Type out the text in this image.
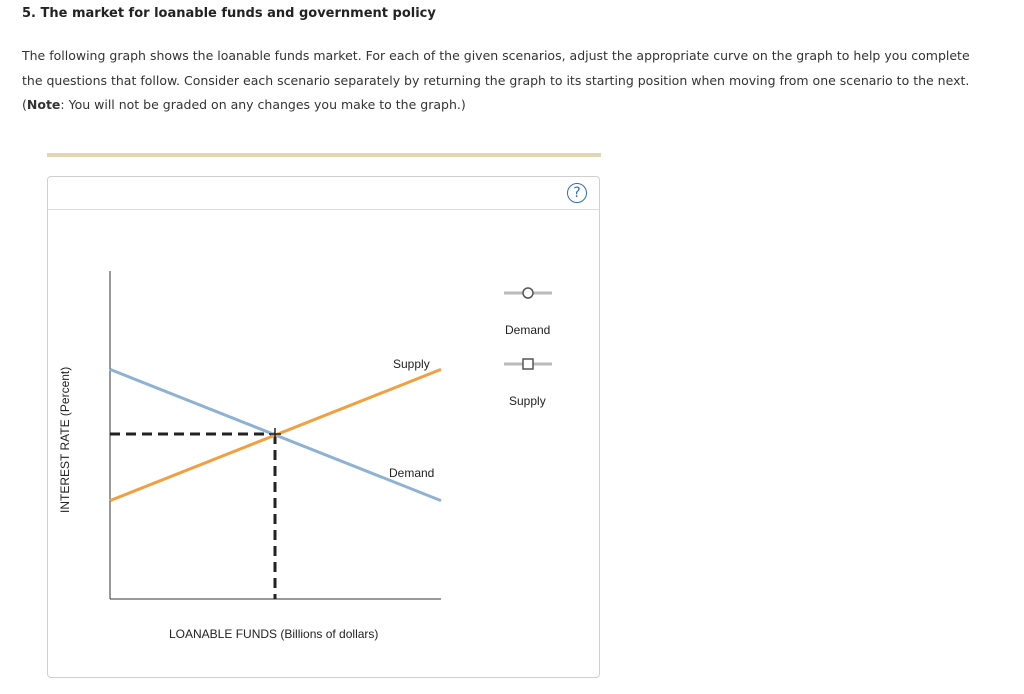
5. The market for loanable funds and government policy

The following graph shows the loanable funds market. For each of the given scenarios, adjust the appropriate curve on the graph to help you complete the questions that follow. Consider each scenario separately by returning the graph to its starting position when moving from one scenario to the next.
(Note: You will not be graded on any changes you make to the graph.)

?
Supply
Demand
LOANABLE FUNDS (Billions of dollars)
INTEREST RATE (Percent)
Demand
Supply
